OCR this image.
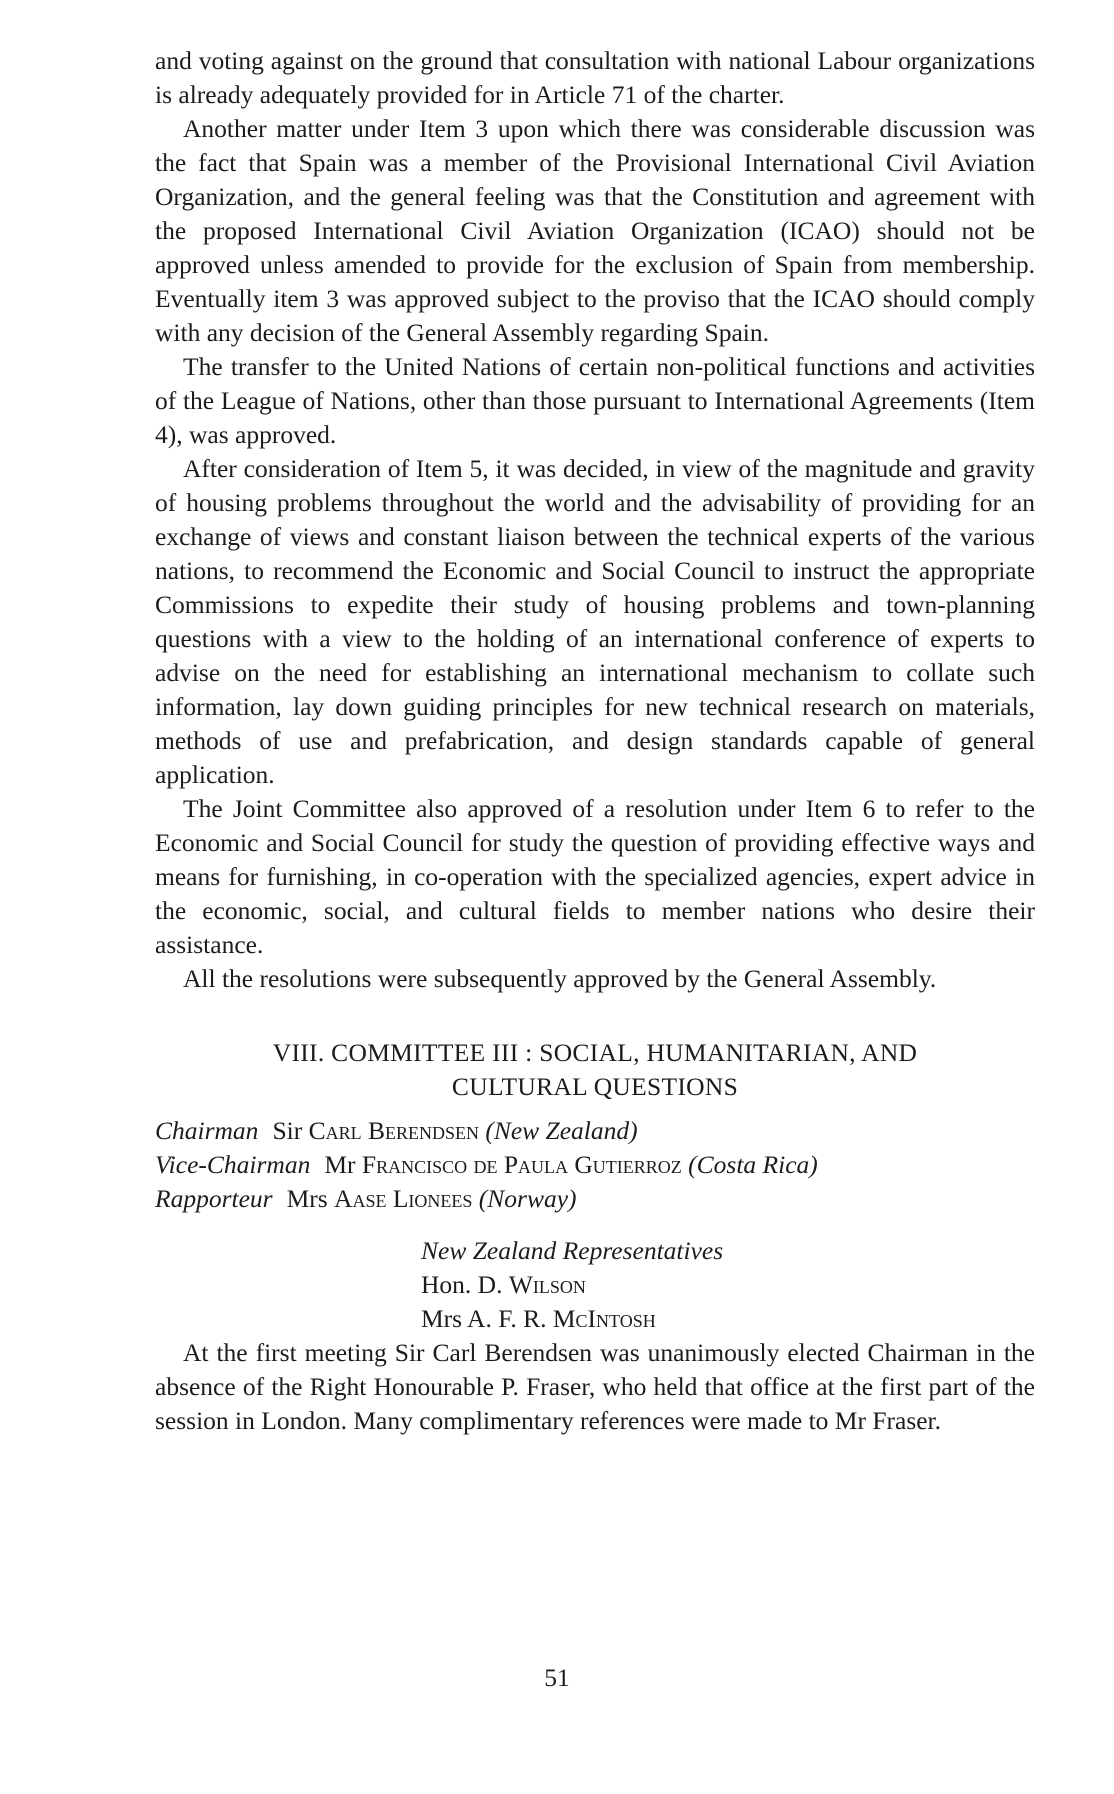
and voting against on the ground that consultation with national Labour organizations is already adequately provided for in Article 71 of the charter.

Another matter under Item 3 upon which there was considerable discussion was the fact that Spain was a member of the Provisional International Civil Aviation Organization, and the general feeling was that the Constitution and agreement with the proposed International Civil Aviation Organization (ICAO) should not be approved unless amended to provide for the exclusion of Spain from membership. Eventually item 3 was approved subject to the proviso that the ICAO should comply with any decision of the General Assembly regarding Spain.

The transfer to the United Nations of certain non-political functions and activities of the League of Nations, other than those pursuant to International Agreements (Item 4), was approved.

After consideration of Item 5, it was decided, in view of the magnitude and gravity of housing problems throughout the world and the advisability of providing for an exchange of views and constant liaison between the technical experts of the various nations, to recommend the Economic and Social Council to instruct the appropriate Commissions to expedite their study of housing problems and town-planning questions with a view to the holding of an international conference of experts to advise on the need for establishing an international mechanism to collate such information, lay down guiding principles for new technical research on materials, methods of use and prefabrication, and design standards capable of general application.

The Joint Committee also approved of a resolution under Item 6 to refer to the Economic and Social Council for study the question of providing effective ways and means for furnishing, in co-operation with the specialized agencies, expert advice in the economic, social, and cultural fields to member nations who desire their assistance.

All the resolutions were subsequently approved by the General Assembly.

VIII. COMMITTEE III : SOCIAL, HUMANITARIAN, AND
CULTURAL QUESTIONS
Chairman Sir Carl Berendsen (New Zealand)
Vice-Chairman Mr Francisco de Paula Gutierroz (Costa Rica)
Rapporteur Mrs Aase Lionees (Norway)
New Zealand Representatives
Hon. D. Wilson
Mrs A. F. R. McIntosh

At the first meeting Sir Carl Berendsen was unanimously elected Chairman in the absence of the Right Honourable P. Fraser, who held that office at the first part of the session in London. Many complimentary references were made to Mr Fraser.

51
